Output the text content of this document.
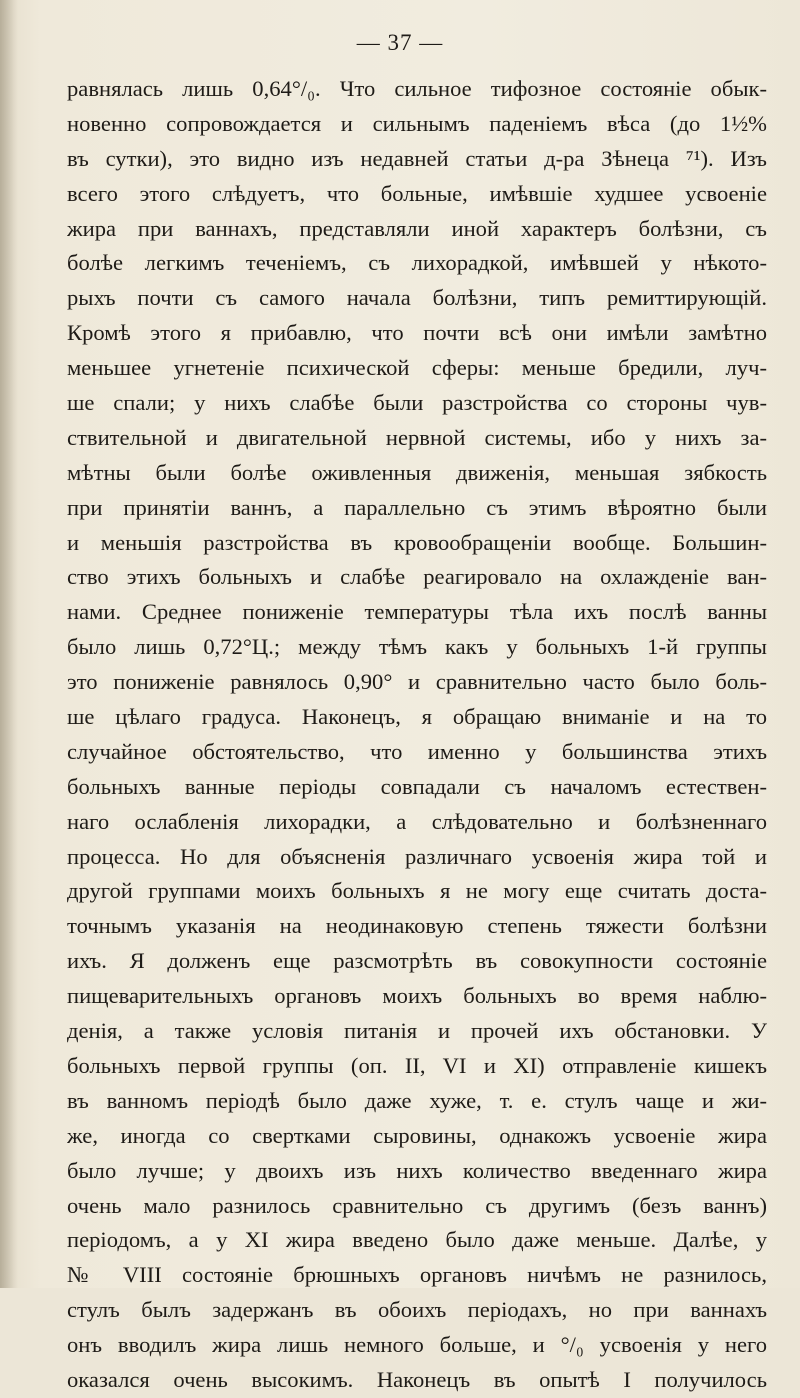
— 37 —
равнялась лишь 0,64°/₀. Что сильное тифозное состоянiе обык-
новенно сопровождается и сильнымъ паденiемъ вѣса (до 1½%
въ сутки), это видно изъ недавней статьи д-ра Зѣнеца ⁷¹). Изъ
всего этого слѣдуетъ, что больные, имѣвшiе худшее усвоенiе
жира при ваннахъ, представляли иной характеръ болѣзни, съ
болѣе легкимъ теченiемъ, съ лихорадкой, имѣвшей у нѣкото-
рыхъ почти съ самого начала болѣзни, типъ ремиттирующiй.
Кромѣ этого я прибавлю, что почти всѣ они имѣли замѣтно
меньшее угнетенiе психической сферы: меньше бредили, луч-
ше спали; у нихъ слабѣе были разстройства со стороны чув-
ствительной и двигательной нервной системы, ибо у нихъ за-
мѣтны были болѣе оживленныя движенiя, меньшая зябкость
при принятiи ваннъ, а параллельно съ этимъ вѣроятно были
и меньшiя разстройства въ кровообращенiи вообще. Большин-
ство этихъ больныхъ и слабѣе реагировало на охлажденiе ван-
нами. Среднее пониженiе температуры тѣла ихъ послѣ ванны
было лишь 0,72°Ц.; между тѣмъ какъ у больныхъ 1-й группы
это пониженiе равнялось 0,90° и сравнительно часто было боль-
ше цѣлаго градуса. Наконецъ, я обращаю вниманiе и на то
случайное обстоятельство, что именно у большинства этихъ
больныхъ ванные перiоды совпадали съ началомъ естествен-
наго ослабленiя лихорадки, а слѣдовательно и болѣзненнаго
процесса. Но для объясненiя различнаго усвоенiя жира той и
другой группами моихъ больныхъ я не могу еще считать доста-
точнымъ указанiя на неодинаковую степень тяжести болѣзни
ихъ. Я долженъ еще разсмотрѣть въ совокупности состоянiе
пищеварительныхъ органовъ моихъ больныхъ во время наблю-
денiя, а также условiя питанiя и прочей ихъ обстановки. У
больныхъ первой группы (оп. II, VI и XI) отправленiе кишекъ
въ ванномъ перiодѣ было даже хуже, т. е. стулъ чаще и жи-
же, иногда со свертками сыровины, однакожъ усвоенiе жира
было лучше; у двоихъ изъ нихъ количество введеннаго жира
очень мало разнилось сравнительно съ другимъ (безъ ваннъ)
перiодомъ, а у XI жира введено было даже меньше. Далѣе, у
№ VIII состоянiе брюшныхъ органовъ ничѣмъ не разнилось,
стулъ былъ задержанъ въ обоихъ перiодахъ, но при ваннахъ
онъ вводилъ жира лишь немного больше, и °/₀ усвоенiя у него
оказался очень высокимъ. Наконецъ въ опытѣ I получилось
